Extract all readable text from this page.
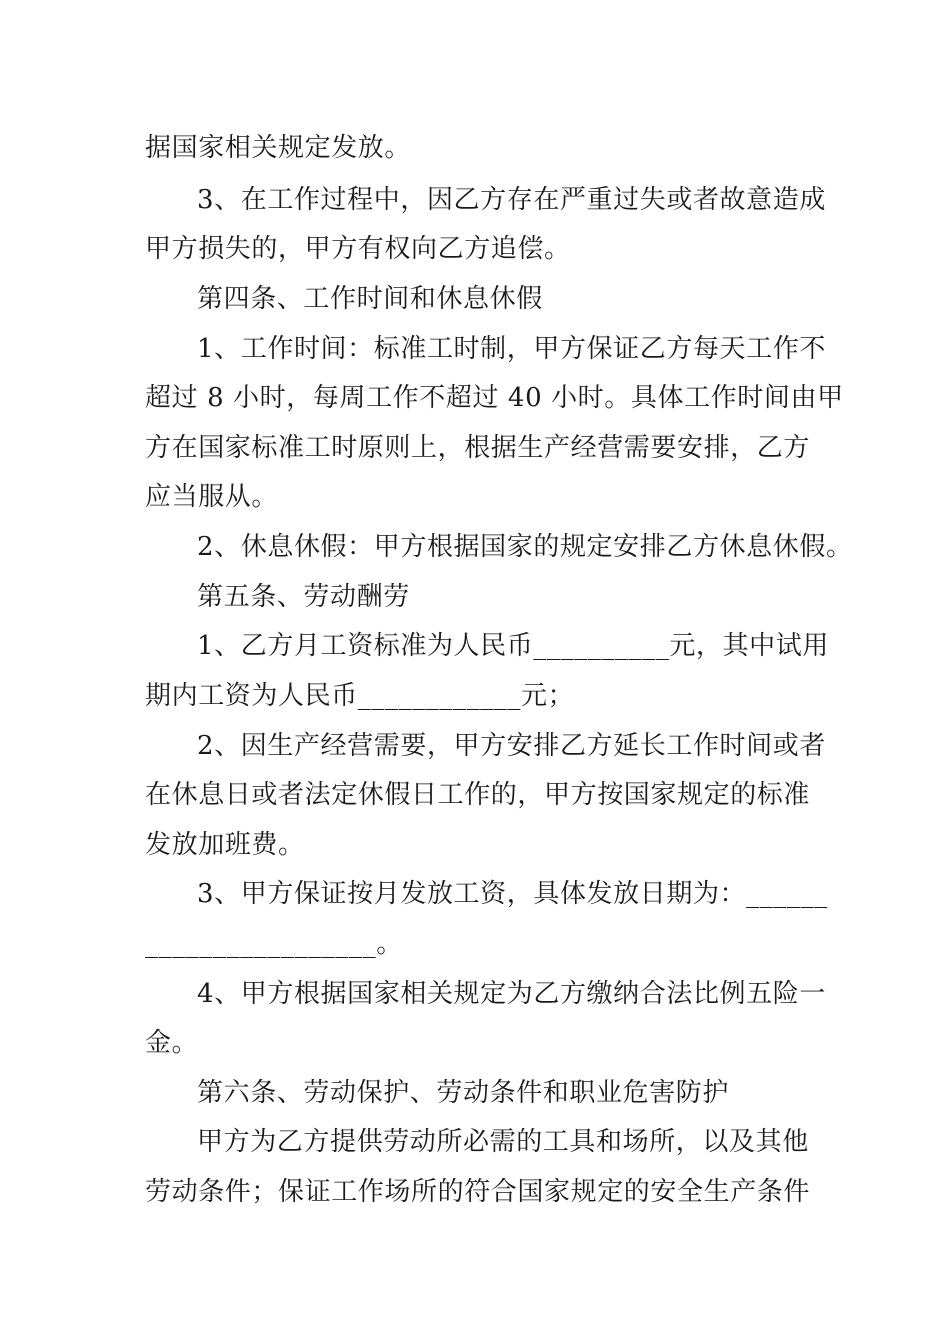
据国家相关规定发放。
3、在工作过程中，因乙方存在严重过失或者故意造成
甲方损失的，甲方有权向乙方追偿。
第四条、工作时间和休息休假
1、工作时间：标准工时制，甲方保证乙方每天工作不
超过 8 小时，每周工作不超过 40 小时。具体工作时间由甲
方在国家标准工时原则上，根据生产经营需要安排，乙方
应当服从。
2、休息休假：甲方根据国家的规定安排乙方休息休假。
第五条、劳动酬劳
1、乙方月工资标准为人民币__________元，其中试用
期内工资为人民币____________元；
2、因生产经营需要，甲方安排乙方延长工作时间或者
在休息日或者法定休假日工作的，甲方按国家规定的标准
发放加班费。
3、甲方保证按月发放工资，具体发放日期为：______
_________________。
4、甲方根据国家相关规定为乙方缴纳合法比例五险一
金。
第六条、劳动保护、劳动条件和职业危害防护
甲方为乙方提供劳动所必需的工具和场所，以及其他
劳动条件；保证工作场所的符合国家规定的安全生产条件
